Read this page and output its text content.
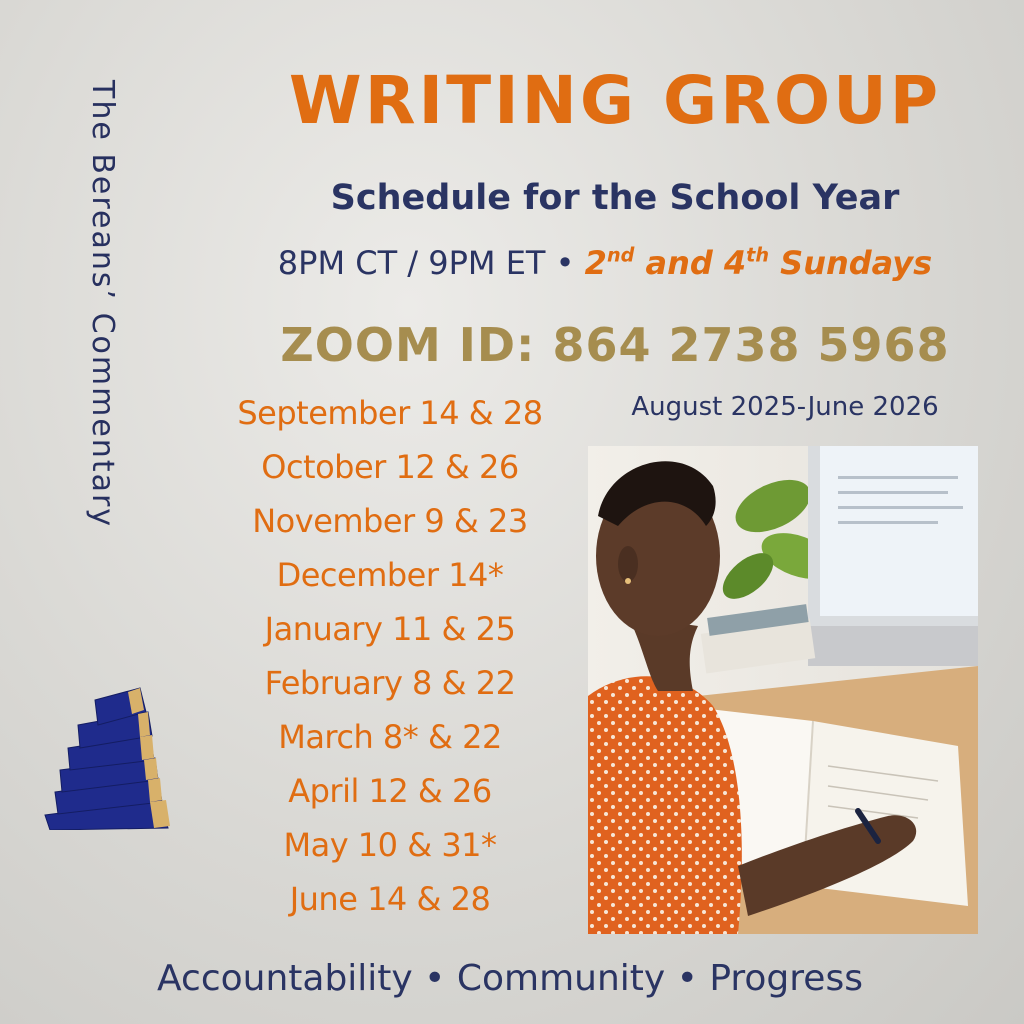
The Bereans’ Commentary	WRITING GROUP
Schedule for the School Year
8PM CT / 9PM ET • 2nd and 4th Sundays
ZOOM ID: 864 2738 5968
September 14 & 28
October 12 & 26
November 9 & 23
December 14*
January 11 & 25
February 8 & 22
March 8* & 22
April 12 & 26
May 10 & 31*
June 14 & 28
August 2025-June 2026
Accountability • Community • Progress
